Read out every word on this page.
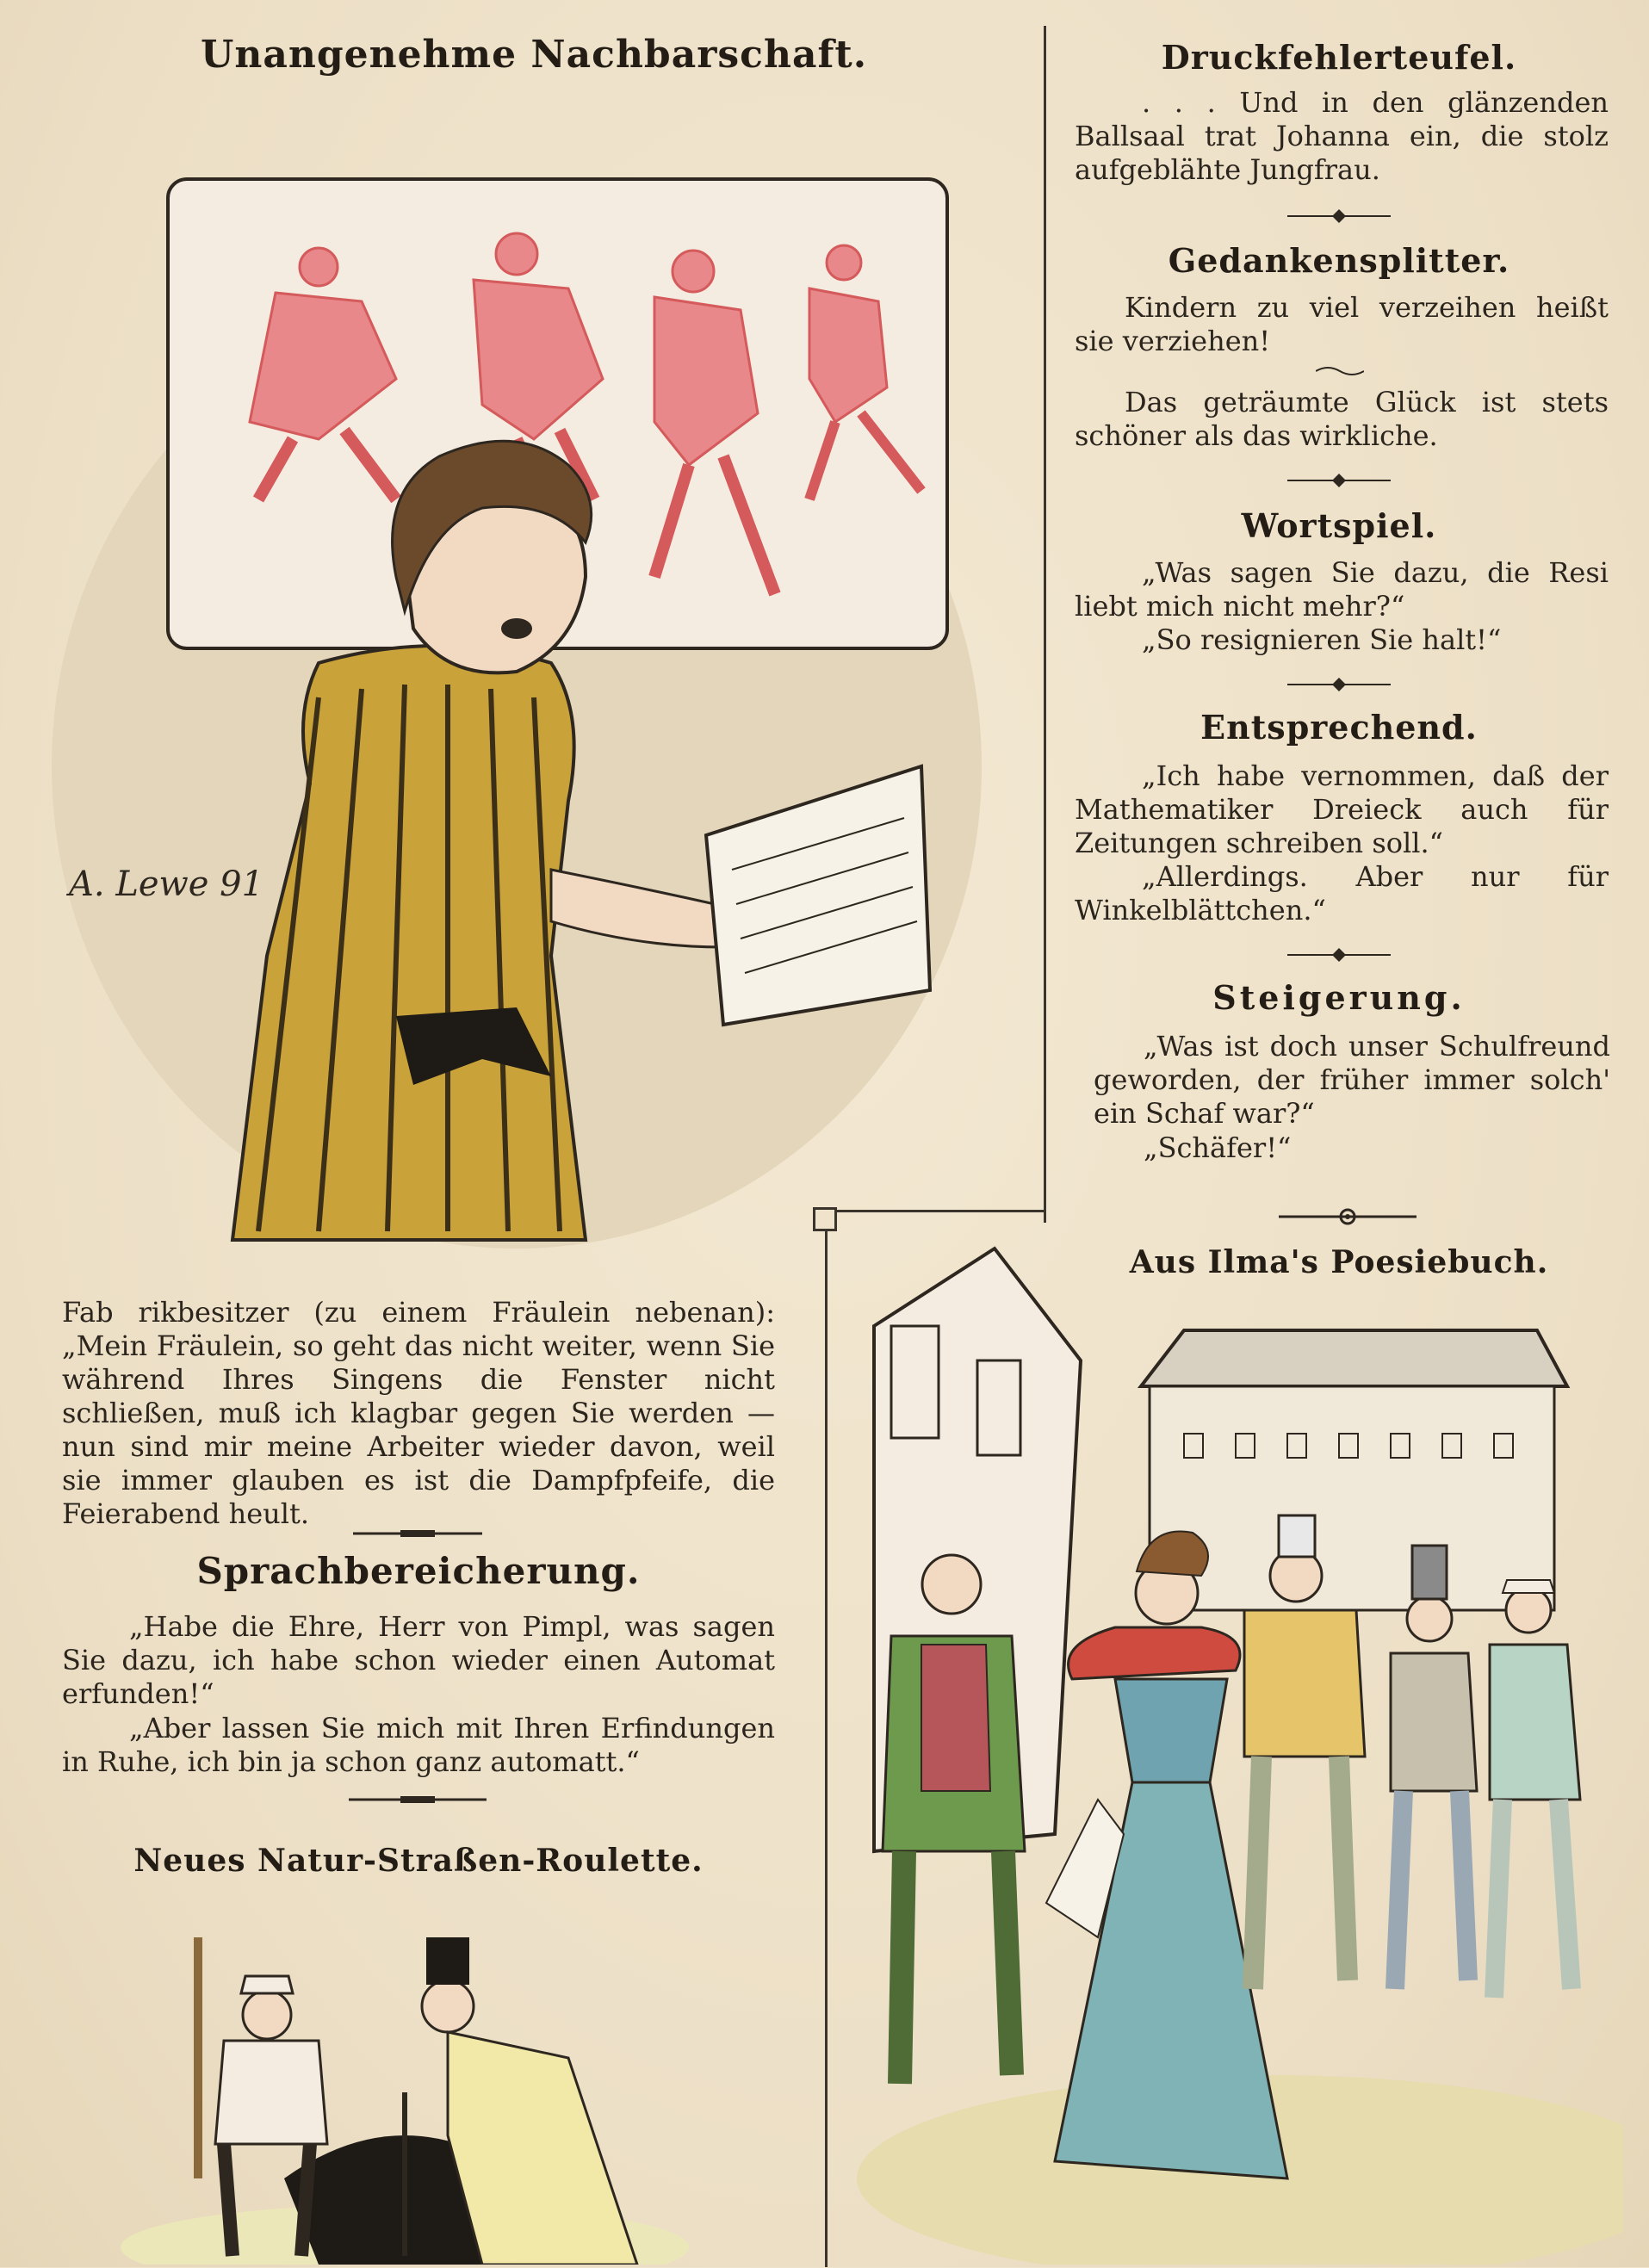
Unangenehme Nachbarschaft.
A. Lewe 91

Fab rikbesitzer (zu einem Fräulein nebenan): „Mein Fräulein, so geht das nicht weiter, wenn Sie während Ihres Singens die Fenster nicht schließen, muß ich klagbar gegen Sie werden — nun sind mir meine Arbeiter wieder davon, weil sie immer glauben es ist die Dampfpfeife, die Feierabend heult.

Sprachbereicherung.

„Habe die Ehre, Herr von Pimpl, was sagen Sie dazu, ich habe schon wieder einen Automat erfunden!“

„Aber lassen Sie mich mit Ihren Erfindungen in Ruhe, ich bin ja schon ganz automatt.“

Neues Natur-Straßen-Roulette.
Druckfehlerteufel.

. . . Und in den glänzenden Ballsaal trat Johanna ein, die stolz aufgeblähte Jungfrau.

Gedankensplitter.

Kindern zu viel verzeihen heißt sie verziehen!

Das geträumte Glück ist stets schöner als das wirkliche.

Wortspiel.

„Was sagen Sie dazu, die Resi liebt mich nicht mehr?“

„So resignieren Sie halt!“

Entsprechend.

„Ich habe vernommen, daß der Mathematiker Dreieck auch für Zeitungen schreiben soll.“

„Allerdings. Aber nur für Winkelblättchen.“

Steigerung.

„Was ist doch unser Schulfreund geworden, der früher immer solch' ein Schaf war?“

„Schäfer!“

Aus Ilma's Poesiebuch.
